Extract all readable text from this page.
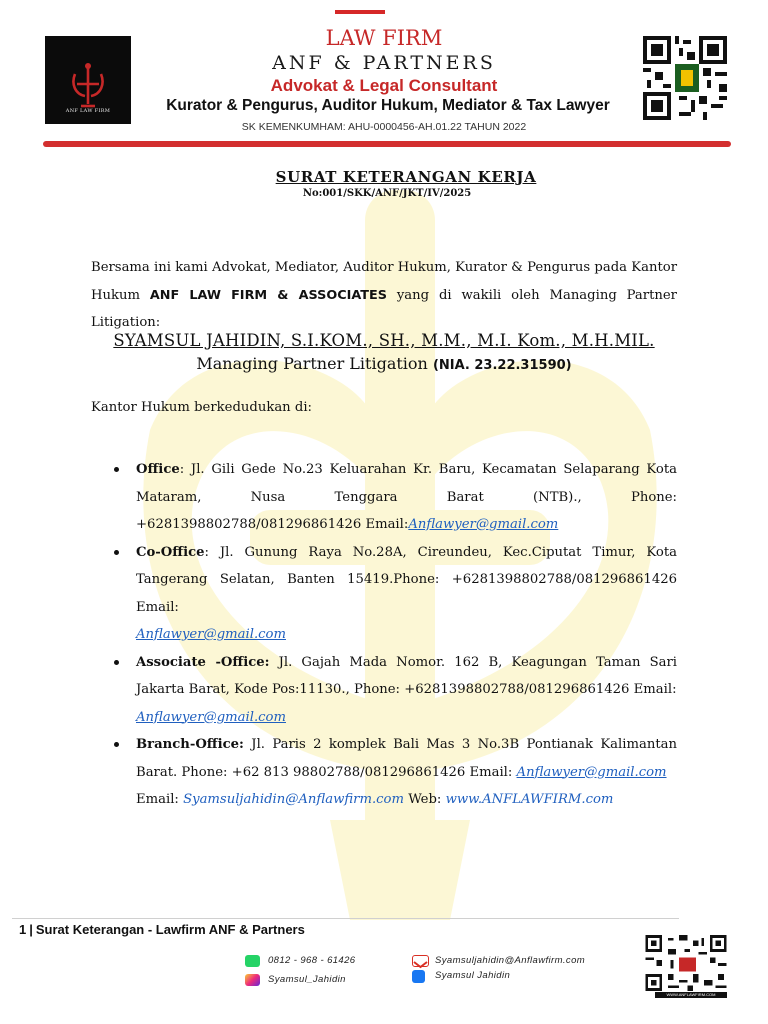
ANF LAW FIRM
LAW FIRM
ANF & PARTNERS
Advokat & Legal Consultant
Kurator & Pengurus, Auditor Hukum, Mediator & Tax Lawyer
SK KEMENKUMHAM: AHU-0000456-AH.01.22 TAHUN 2022
SURAT KETERANGAN KERJA
No:001/SKK/ANF/JKT/IV/2025
Bersama ini kami Advokat, Mediator, Auditor Hukum, Kurator & Pengurus pada Kantor Hukum ANF LAW FIRM & ASSOCIATES yang di wakili oleh Managing Partner Litigation:
SYAMSUL JAHIDIN, S.I.KOM., SH., M.M., M.I. Kom., M.H.MIL.
Managing Partner Litigation (NIA. 23.22.31590)
Kantor Hukum berkedudukan di:
Office: Jl. Gili Gede No.23 Keluarahan Kr. Baru, Kecamatan Selaparang Kota Mataram, Nusa Tenggara Barat (NTB)., Phone: +6281398802788/081296861426 Email:Anflawyer@gmail.com
Co-Office: Jl. Gunung Raya No.28A, Cireundeu, Kec.Ciputat Timur, Kota Tangerang Selatan, Banten 15419.Phone: +6281398802788/081296861426 Email:
Anflawyer@gmail.com
Associate -Office: Jl. Gajah Mada Nomor. 162 B, Keagungan Taman Sari Jakarta Barat, Kode Pos:11130., Phone: +6281398802788/081296861426 Email:
Anflawyer@gmail.com
Branch-Office: Jl. Paris 2 komplek Bali Mas 3 No.3B Pontianak Kalimantan Barat. Phone: +62 813 98802788/081296861426 Email: Anflawyer@gmail.com
Email: Syamsuljahidin@Anflawfirm.com Web: www.ANFLAWFIRM.com
1 | Surat Keterangan - Lawfirm ANF & Partners
0812 - 968 - 61426
Syamsul_Jahidin
Syamsuljahidin@Anflawfirm.com
Syamsul Jahidin
WWW.ANFLAWFIRM.COM
